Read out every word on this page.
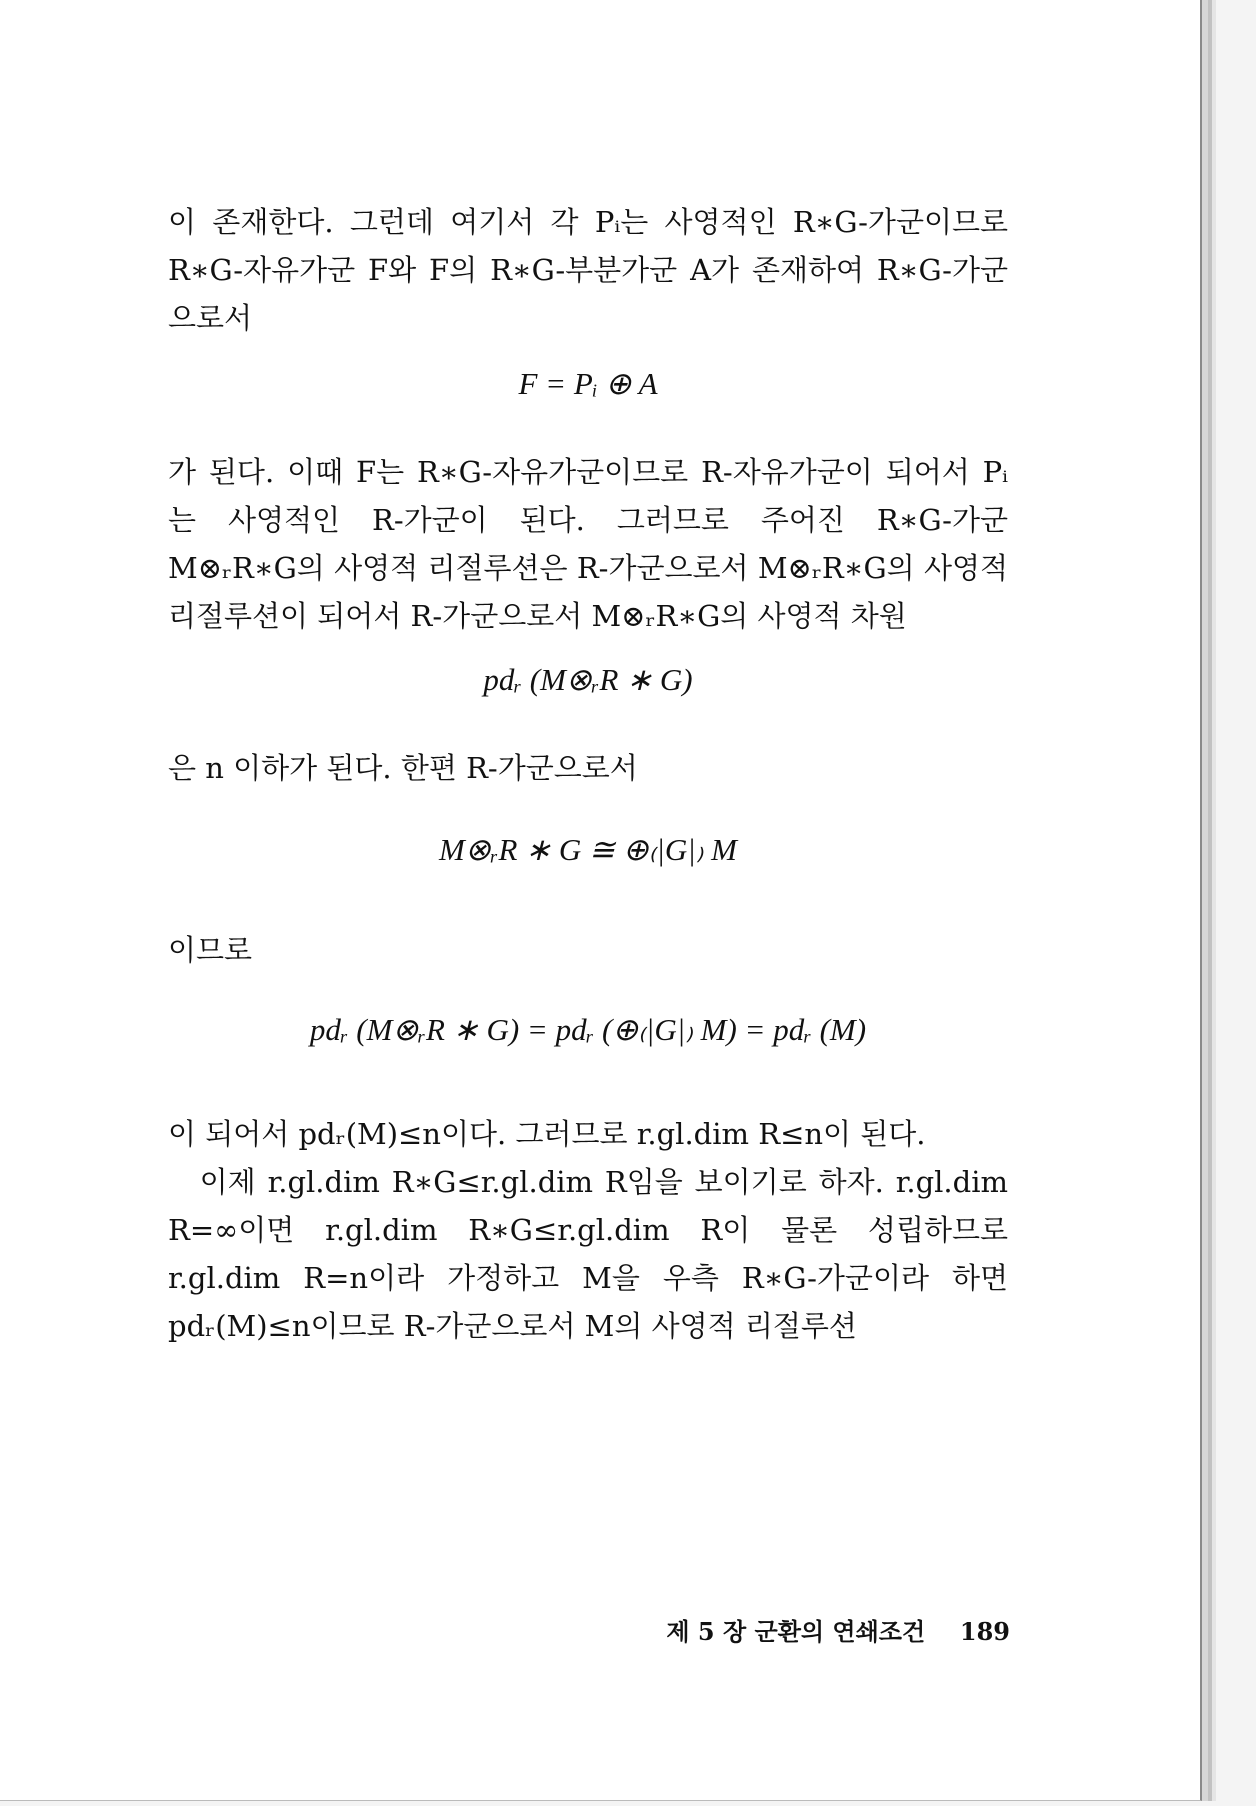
이 존재한다. 그런데 여기서 각 Pᵢ는 사영적인 R∗G-가군이므로 R∗G-자유가군 F와 F의 R∗G-부분가군 A가 존재하여 R∗G-가군으로서
F = Pᵢ ⊕ A
가 된다. 이때 F는 R∗G-자유가군이므로 R-자유가군이 되어서 Pᵢ는 사영적인 R-가군이 된다. 그러므로 주어진 R∗G-가군 M⊗ᵣR∗G의 사영적 리절루션은 R-가군으로서 M⊗ᵣR∗G의 사영적 리절루션이 되어서 R-가군으로서 M⊗ᵣR∗G의 사영적 차원
pdᵣ (M⊗ᵣR ∗ G)
은 n 이하가 된다. 한편 R-가군으로서
M⊗ᵣR ∗ G ≅ ⊕₍|G|₎ M
이므로
pdᵣ (M⊗ᵣR ∗ G) = pdᵣ (⊕₍|G|₎ M) = pdᵣ (M)
이 되어서 pdᵣ(M)≤n이다. 그러므로 r.gl.dim R≤n이 된다.
　이제 r.gl.dim R∗G≤r.gl.dim R임을 보이기로 하자. r.gl.dim R=∞이면 r.gl.dim R∗G≤r.gl.dim R이 물론 성립하므로 r.gl.dim R=n이라 가정하고 M을 우측 R∗G-가군이라 하면 pdᵣ(M)≤n이므로 R-가군으로서 M의 사영적 리절루션
제 5 장 군환의 연쇄조건 189
